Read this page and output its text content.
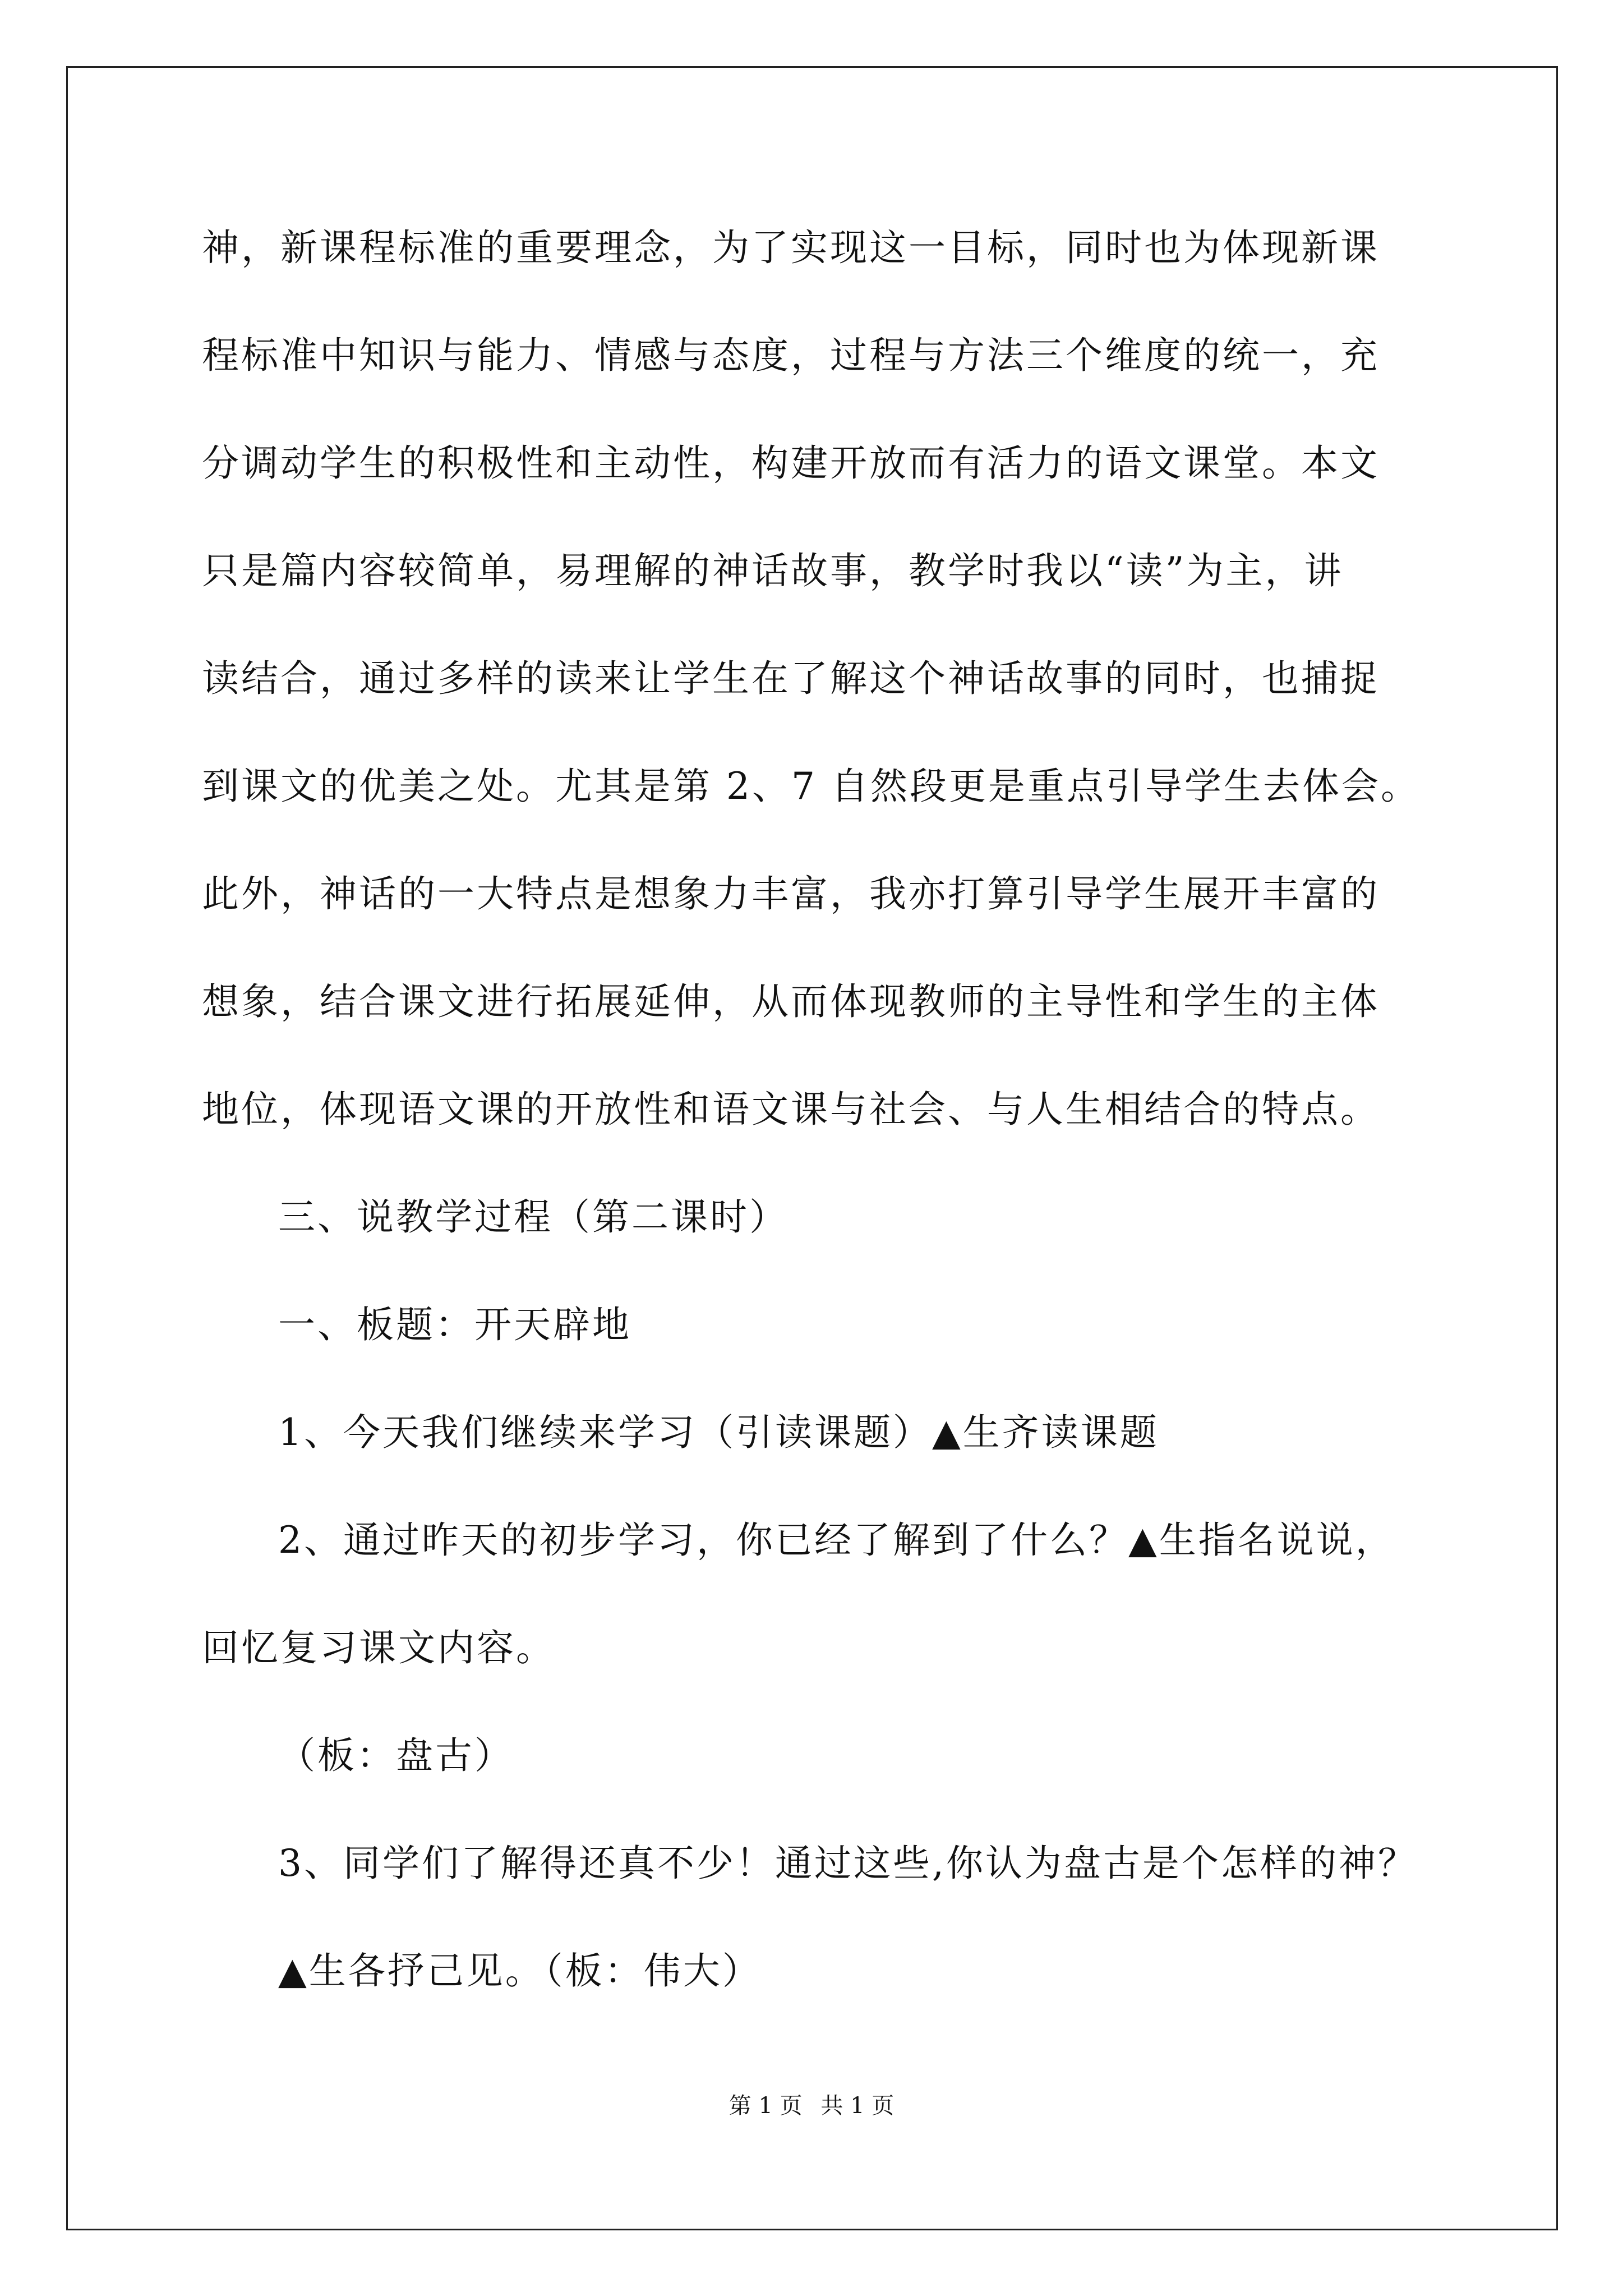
神，新课程标准的重要理念，为了实现这一目标，同时也为体现新课
程标准中知识与能力、情感与态度，过程与方法三个维度的统一，充
分调动学生的积极性和主动性，构建开放而有活力的语文课堂。本文
只是篇内容较简单，易理解的神话故事，教学时我以“读”为主，讲
读结合，通过多样的读来让学生在了解这个神话故事的同时，也捕捉
到课文的优美之处。尤其是第 2、7 自然段更是重点引导学生去体会。
此外，神话的一大特点是想象力丰富，我亦打算引导学生展开丰富的
想象，结合课文进行拓展延伸，从而体现教师的主导性和学生的主体
地位，体现语文课的开放性和语文课与社会、与人生相结合的特点。
三、说教学过程（第二课时）
一、板题：开天辟地
1、今天我们继续来学习（引读课题）▲生齐读课题
2、通过昨天的初步学习，你已经了解到了什么？▲生指名说说，
回忆复习课文内容。
（板：盘古）
3、同学们了解得还真不少！通过这些,你认为盘古是个怎样的神？
▲生各抒己见。（板：伟大）
第 1 页 共 1 页
